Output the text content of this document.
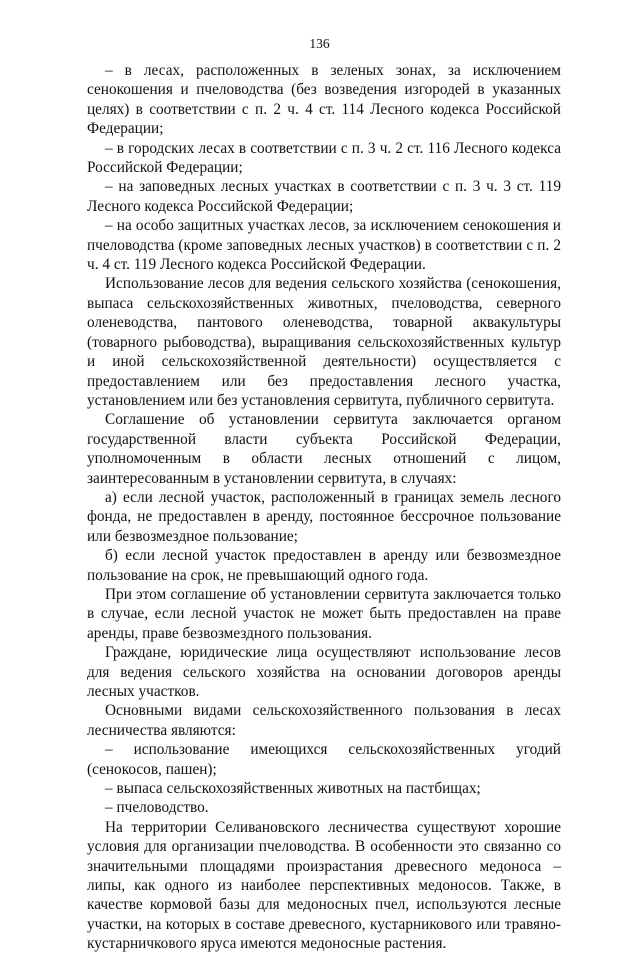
136

– в лесах, расположенных в зеленых зонах, за исключением сенокошения и пчеловодства (без возведения изгородей в указанных целях) в соответствии с п. 2 ч. 4 ст. 114 Лесного кодекса Российской Федерации;

– в городских лесах в соответствии с п. 3 ч. 2 ст. 116 Лесного кодекса Российской Федерации;

– на заповедных лесных участках в соответствии с п. 3 ч. 3 ст. 119 Лесного кодекса Российской Федерации;

– на особо защитных участках лесов, за исключением сенокошения и пчеловодства (кроме заповедных лесных участков) в соответствии с п. 2 ч. 4 ст. 119 Лесного кодекса Российской Федерации.

Использование лесов для ведения сельского хозяйства (сенокошения, выпаса сельскохозяйственных животных, пчеловодства, северного оленеводства, пантового оленеводства, товарной аквакультуры (товарного рыбоводства), выращивания сельскохозяйственных культур и иной сельскохозяйственной деятельности) осуществляется с предоставлением или без предоставления лесного участка, установлением или без установления сервитута, публичного сервитута.

Соглашение об установлении сервитута заключается органом государственной власти субъекта Российской Федерации, уполномоченным в области лесных отношений с лицом, заинтересованным в установлении сервитута, в случаях:

а) если лесной участок, расположенный в границах земель лесного фонда, не предоставлен в аренду, постоянное бессрочное пользование или безвозмездное пользование;

б) если лесной участок предоставлен в аренду или безвозмездное пользование на срок, не превышающий одного года.

При этом соглашение об установлении сервитута заключается только в случае, если лесной участок не может быть предоставлен на праве аренды, праве безвозмездного пользования.

Граждане, юридические лица осуществляют использование лесов для ведения сельского хозяйства на основании договоров аренды лесных участков.

Основными видами сельскохозяйственного пользования в лесах лесничества являются:

– использование имеющихся сельскохозяйственных угодий (сенокосов, пашен);

– выпаса сельскохозяйственных животных на пастбищах;

– пчеловодство.

На территории Селивановского лесничества существуют хорошие условия для организации пчеловодства. В особенности это связанно со значительными площадями произрастания древесного медоноса – липы, как одного из наиболее перспективных медоносов. Также, в качестве кормовой базы для медоносных пчел, используются лесные участки, на которых в составе древесного, кустарникового или травяно-кустарничкового яруса имеются медоносные растения.
